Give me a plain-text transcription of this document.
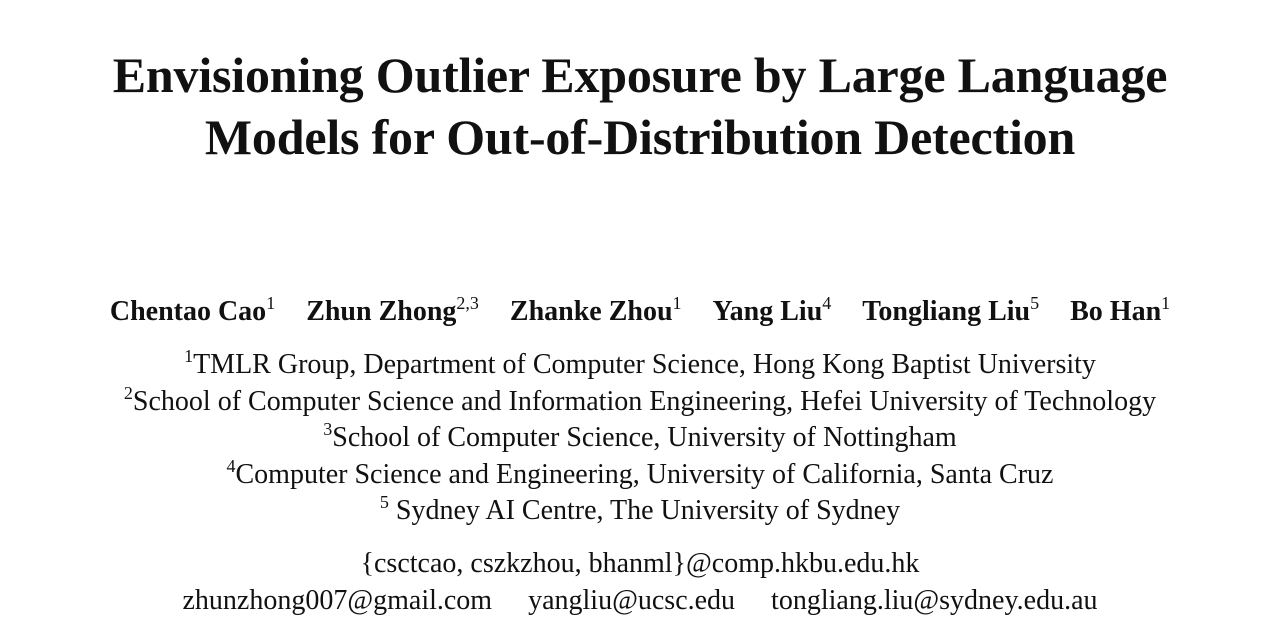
Envisioning Outlier Exposure by Large Language
Models for Out-of-Distribution Detection
Chentao Cao$^1$ Zhun Zhong$^{2,3}$ Zhanke Zhou$^1$ Yang Liu$^4$ Tongliang Liu$^5$ Bo Han$^1$
$^1$TMLR Group, Department of Computer Science, Hong Kong Baptist University
$^2$School of Computer Science and Information Engineering, Hefei University of Technology
$^3$School of Computer Science, University of Nottingham
$^4$Computer Science and Engineering, University of California, Santa Cruz
$^5$ Sydney AI Centre, The University of Sydney
{csctcao, cszkzhou, bhanml}@comp.hkbu.edu.hk
zhunzhong007@gmail.com yangliu@ucsc.edu tongliang.liu@sydney.edu.au
